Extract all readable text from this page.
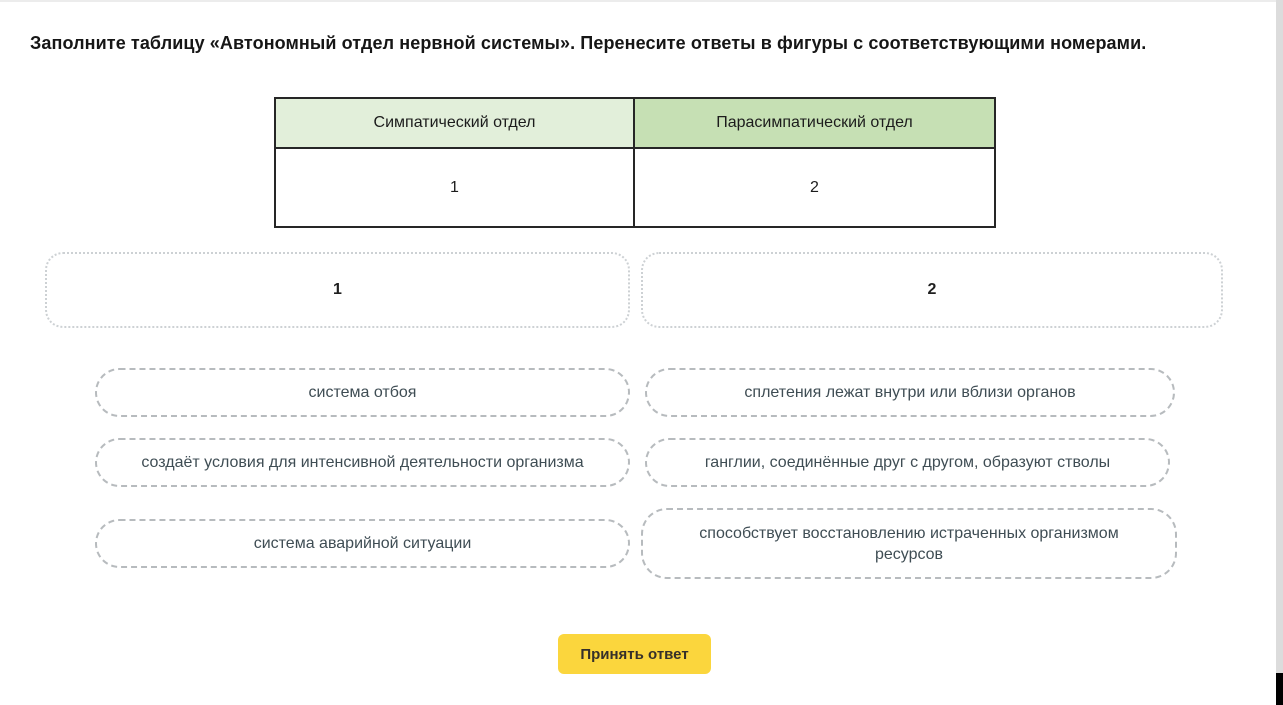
Заполните таблицу «Автономный отдел нервной системы». Перенесите ответы в фигуры с соответствующими номерами.
Симпатический отдел	Парасимпатический отдел
1	2
1	2
система отбоя	сплетения лежат внутри или вблизи органов
создаёт условия для интенсивной деятельности организма	ганглии, соединённые друг с другом, образуют стволы
система аварийной ситуации
способствует восстановлению истраченных организмом ресурсов
Принять ответ
